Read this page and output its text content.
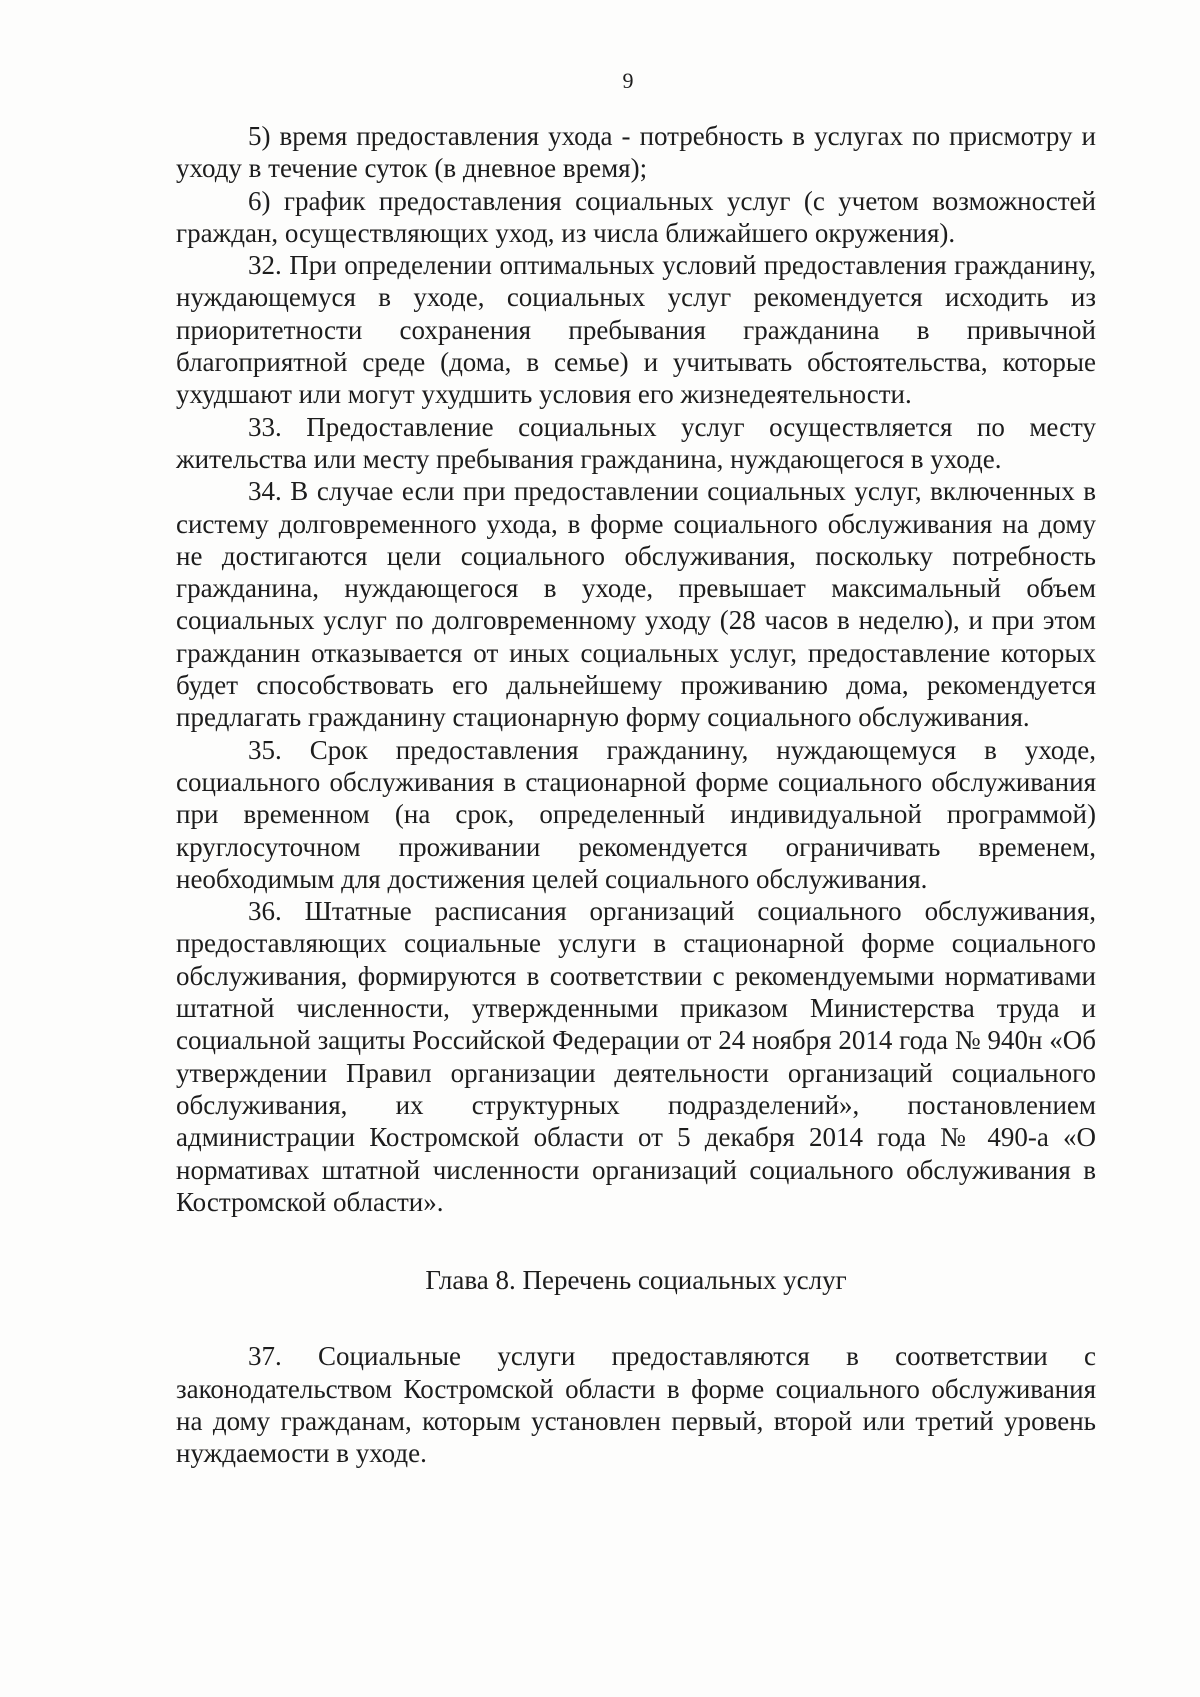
9

5) время предоставления ухода - потребность в услугах по присмотру и уходу в течение суток (в дневное время);

6) график предоставления социальных услуг (с учетом возможностей граждан, осуществляющих уход, из числа ближайшего окружения).

32. При определении оптимальных условий предоставления гражданину, нуждающемуся в уходе, социальных услуг рекомендуется исходить из приоритетности сохранения пребывания гражданина в привычной благоприятной среде (дома, в семье) и учитывать обстоятельства, которые ухудшают или могут ухудшить условия его жизнедеятельности.

33. Предоставление социальных услуг осуществляется по месту жительства или месту пребывания гражданина, нуждающегося в уходе.

34. В случае если при предоставлении социальных услуг, включенных в систему долговременного ухода, в форме социального обслуживания на дому не достигаются цели социального обслуживания, поскольку потребность гражданина, нуждающегося в уходе, превышает максимальный объем социальных услуг по долговременному уходу (28 часов в неделю), и при этом гражданин отказывается от иных социальных услуг, предоставление которых будет способствовать его дальнейшему проживанию дома, рекомендуется предлагать гражданину стационарную форму социального обслуживания.

35. Срок предоставления гражданину, нуждающемуся в уходе, социального обслуживания в стационарной форме социального обслуживания при временном (на срок, определенный индивидуальной программой) круглосуточном проживании рекомендуется ограничивать временем, необходимым для достижения целей социального обслуживания.

36. Штатные расписания организаций социального обслуживания, предоставляющих социальные услуги в стационарной форме социального обслуживания, формируются в соответствии с рекомендуемыми нормативами штатной численности, утвержденными приказом Министерства труда и социальной защиты Российской Федерации от 24 ноября 2014 года № 940н «Об утверждении Правил организации деятельности организаций социального обслуживания, их структурных подразделений», постановлением администрации Костромской области от 5 декабря 2014 года № 490-а «О нормативах штатной численности организаций социального обслуживания в Костромской области».

Глава 8. Перечень социальных услуг

37. Социальные услуги предоставляются в соответствии с законодательством Костромской области в форме социального обслуживания на дому гражданам, которым установлен первый, второй или третий уровень нуждаемости в уходе.
